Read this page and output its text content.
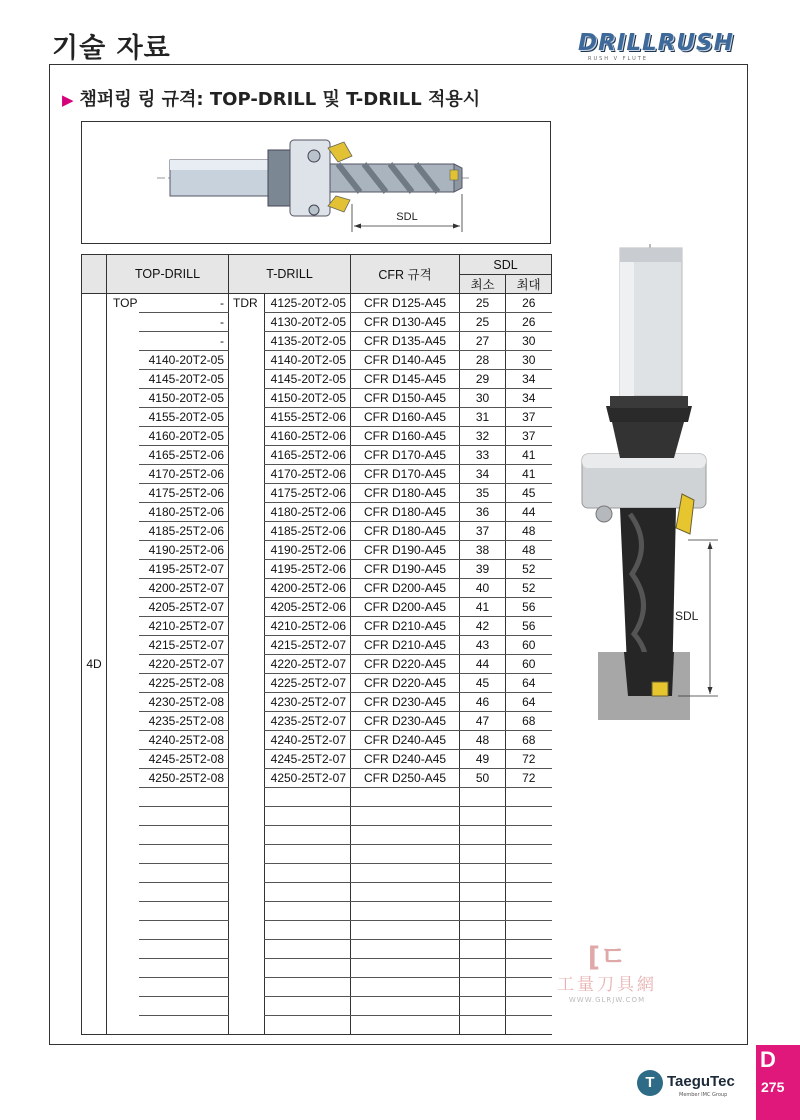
기술 자료	DRILLRUSH
RUSH V FLUTE
▶ 챔퍼링 링 규격: TOP-DRILL 및 T-DRILL 적용시
SDL
	TOP-DRILL		T-DRILL		CFR 규격	SDL	
						최소	최대
4D	TOP	-	TDR	4125-20T2-05	CFR D125-A45	25	26
		-		4130-20T2-05	CFR D130-A45	25	26
		-		4135-20T2-05	CFR D135-A45	27	30
		4140-20T2-05		4140-20T2-05	CFR D140-A45	28	30
		4145-20T2-05		4145-20T2-05	CFR D145-A45	29	34
		4150-20T2-05		4150-20T2-05	CFR D150-A45	30	34
		4155-20T2-05		4155-25T2-06	CFR D160-A45	31	37
		4160-20T2-05		4160-25T2-06	CFR D160-A45	32	37
		4165-25T2-06		4165-25T2-06	CFR D170-A45	33	41
		4170-25T2-06		4170-25T2-06	CFR D170-A45	34	41
		4175-25T2-06		4175-25T2-06	CFR D180-A45	35	45
		4180-25T2-06		4180-25T2-06	CFR D180-A45	36	44
		4185-25T2-06		4185-25T2-06	CFR D180-A45	37	48
		4190-25T2-06		4190-25T2-06	CFR D190-A45	38	48
		4195-25T2-07		4195-25T2-06	CFR D190-A45	39	52
		4200-25T2-07		4200-25T2-06	CFR D200-A45	40	52
		4205-25T2-07		4205-25T2-06	CFR D200-A45	41	56
		4210-25T2-07		4210-25T2-06	CFR D210-A45	42	56
		4215-25T2-07		4215-25T2-07	CFR D210-A45	43	60
		4220-25T2-07		4220-25T2-07	CFR D220-A45	44	60
		4225-25T2-08		4225-25T2-07	CFR D220-A45	45	64
		4230-25T2-08		4230-25T2-07	CFR D230-A45	46	64
		4235-25T2-08		4235-25T2-07	CFR D230-A45	47	68
		4240-25T2-08		4240-25T2-07	CFR D240-A45	48	68
		4245-25T2-08		4245-25T2-07	CFR D240-A45	49	72
		4250-25T2-08		4250-25T2-07	CFR D250-A45	50	72

SDL
[ㄷ
工量刀具網
WWW.GLRJW.COM
D
275
T TaeguTec
Member IMC Group
